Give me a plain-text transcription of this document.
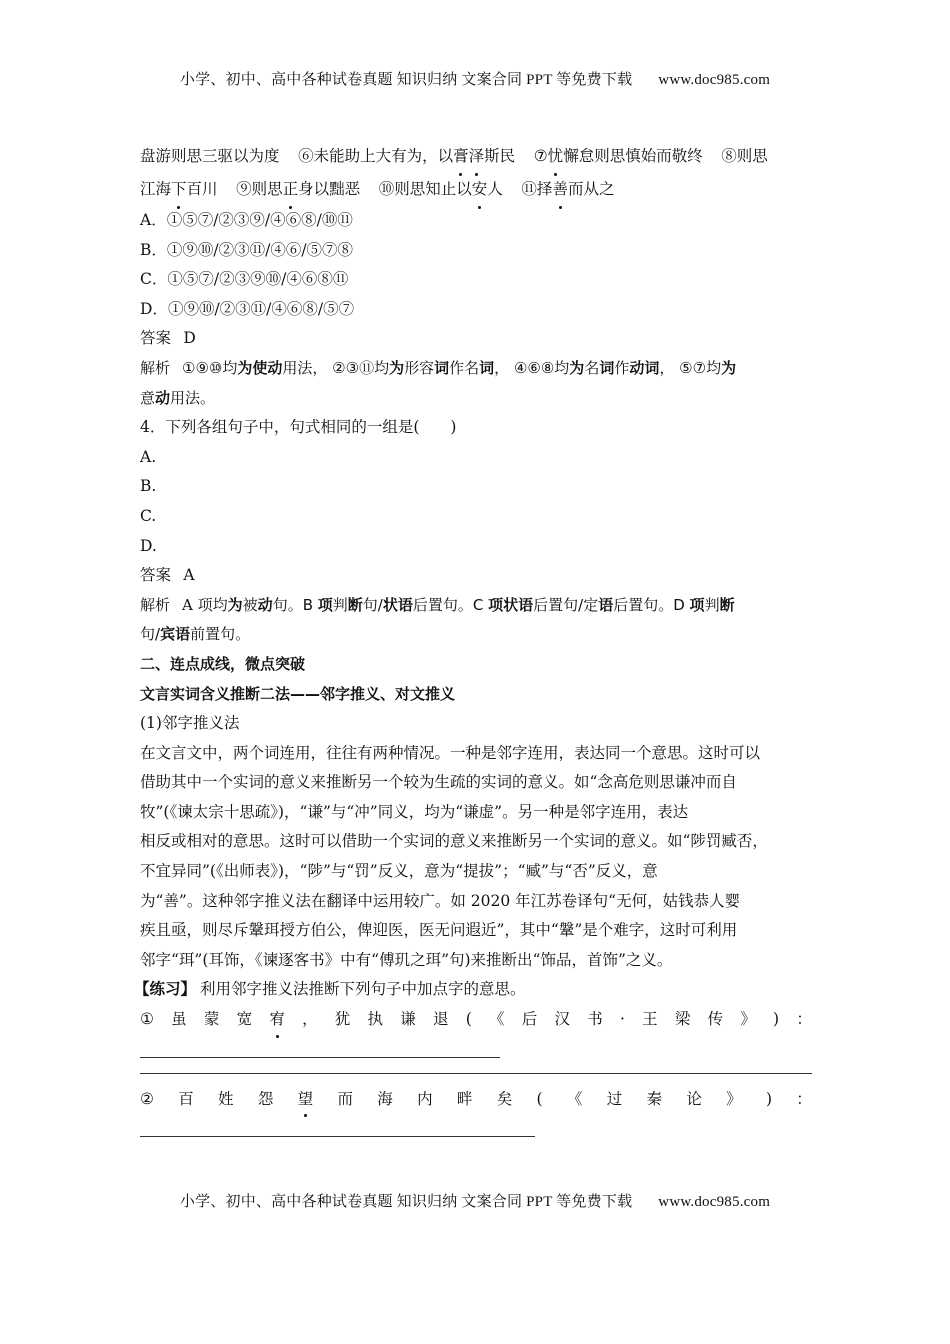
小学、初中、高中各种试卷真题 知识归纳 文案合同 PPT 等免费下载 www.doc985.com
盘游则思三驱以为度 ⑥未能助上大有为，以膏泽斯民 ⑦忧懈怠则思慎始而敬终 ⑧则思
江海下百川 ⑨则思正身以黜恶 ⑩则思知止以安人 ⑪择善而从之
A．①⑤⑦/②③⑨/④⑥⑧/⑩⑪
B．①⑨⑩/②③⑪/④⑥/⑤⑦⑧
C．①⑤⑦/②③⑨⑩/④⑥⑧⑪
D．①⑨⑩/②③⑪/④⑥⑧/⑤⑦
答案 D
解析 ①⑨⑩均为使动用法， ②③⑪均为形容词作名词， ④⑥⑧均为名词作动词， ⑤⑦均为
意动用法。
4．下列各组句子中，句式相同的一组是(　　)
A.
B.
C.
D.
答案 A
解析 A 项均为被动句。B 项判断句/状语后置句。C 项状语后置句/定语后置句。D 项判断
句/宾语前置句。
二、连点成线，微点突破
文言实词含义推断二法——邻字推义、对文推义
(1)邻字推义法
在文言文中，两个词连用，往往有两种情况。一种是邻字连用，表达同一个意思。这时可以
借助其中一个实词的意义来推断另一个较为生疏的实词的意义。如“念高危则思谦冲而自
牧”(《谏太宗十思疏》)，“谦”与“冲”同义，均为“谦虚”。另一种是邻字连用，表达
相反或相对的意思。这时可以借助一个实词的意义来推断另一个实词的意义。如“陟罚臧否，
不宜异同”(《出师表》)，“陟”与“罚”反义，意为“提拔”；“臧”与“否”反义，意
为“善”。这种邻字推义法在翻译中运用较广。如 2020 年江苏卷译句“无何，姑钱恭人婴
疾且亟，则尽斥鞶珥授方伯公，俾迎医，医无问遐近”，其中“鞶”是个难字，这时可利用
邻字“珥”(耳饰，《谏逐客书》中有“傅玑之珥”句)来推断出“饰品，首饰”之义。
【练习】 利用邻字推义法推断下列句子中加点字的意思。
① 虽 蒙 宽 宥 ， 犹 执 谦 退 ( 《 后 汉 书 · 王 梁 传 》 ) ：
② 百 姓 怨 望 而 海 内 畔 矣 ( 《 过 秦 论 》 ) ：
小学、初中、高中各种试卷真题 知识归纳 文案合同 PPT 等免费下载 www.doc985.com
